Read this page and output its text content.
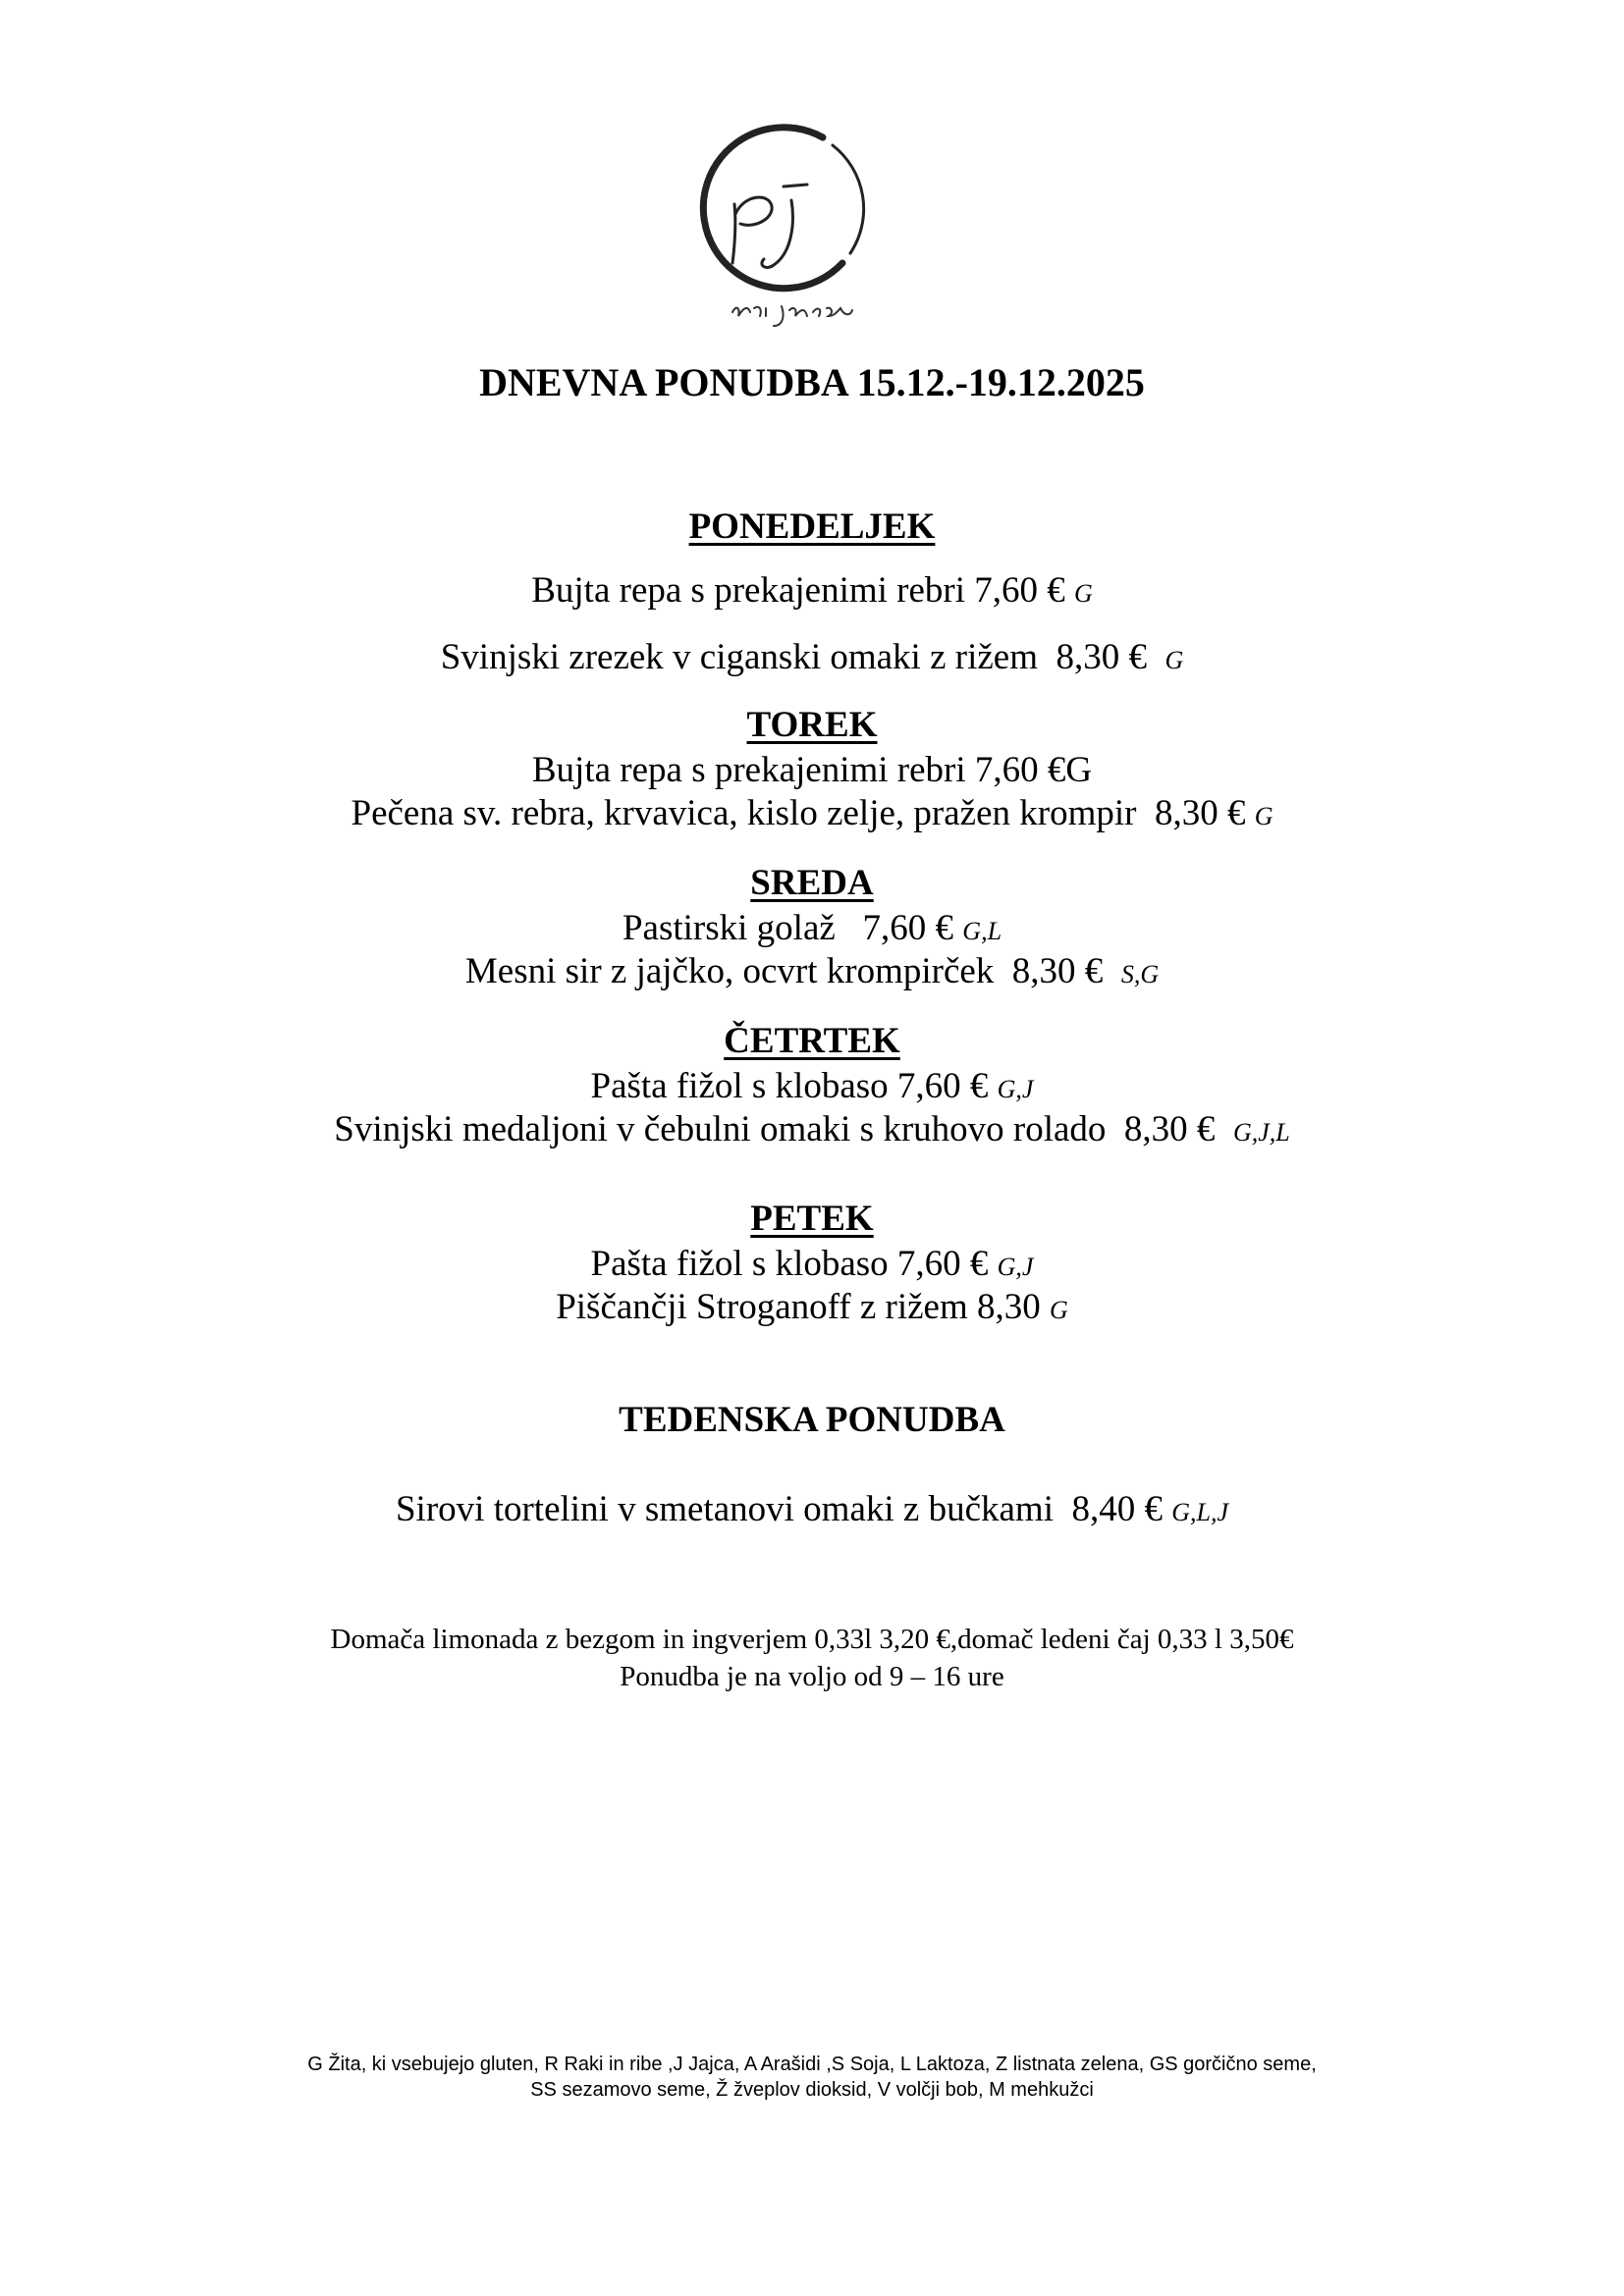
DNEVNA PONUDBA 15.12.-19.12.2025
PONEDELJEK
Bujta repa s prekajenimi rebri 7,60 € G
Svinjski zrezek v ciganski omaki z rižem  8,30 €  G
TOREK
Bujta repa s prekajenimi rebri 7,60 €G
Pečena sv. rebra, krvavica, kislo zelje, pražen krompir  8,30 € G
SREDA
Pastirski golaž   7,60 € G,L
Mesni sir z jajčko, ocvrt krompirček  8,30 €  S,G
ČETRTEK
Pašta fižol s klobaso 7,60 € G,J
Svinjski medaljoni v čebulni omaki s kruhovo rolado  8,30 €  G,J,L
PETEK
Pašta fižol s klobaso 7,60 € G,J
Piščančji Stroganoff z rižem 8,30 G
TEDENSKA PONUDBA
Sirovi tortelini v smetanovi omaki z bučkami  8,40 € G,L,J
Domača limonada z bezgom in ingverjem 0,33l 3,20 €,domač ledeni čaj 0,33 l 3,50€
Ponudba je na voljo od 9 – 16 ure
G Žita, ki vsebujejo gluten, R Raki in ribe ,J Jajca, A Arašidi ,S Soja, L Laktoza, Z listnata zelena, GS gorčično seme,
SS sezamovo seme, Ž žveplov dioksid, V volčji bob, M mehkužci
